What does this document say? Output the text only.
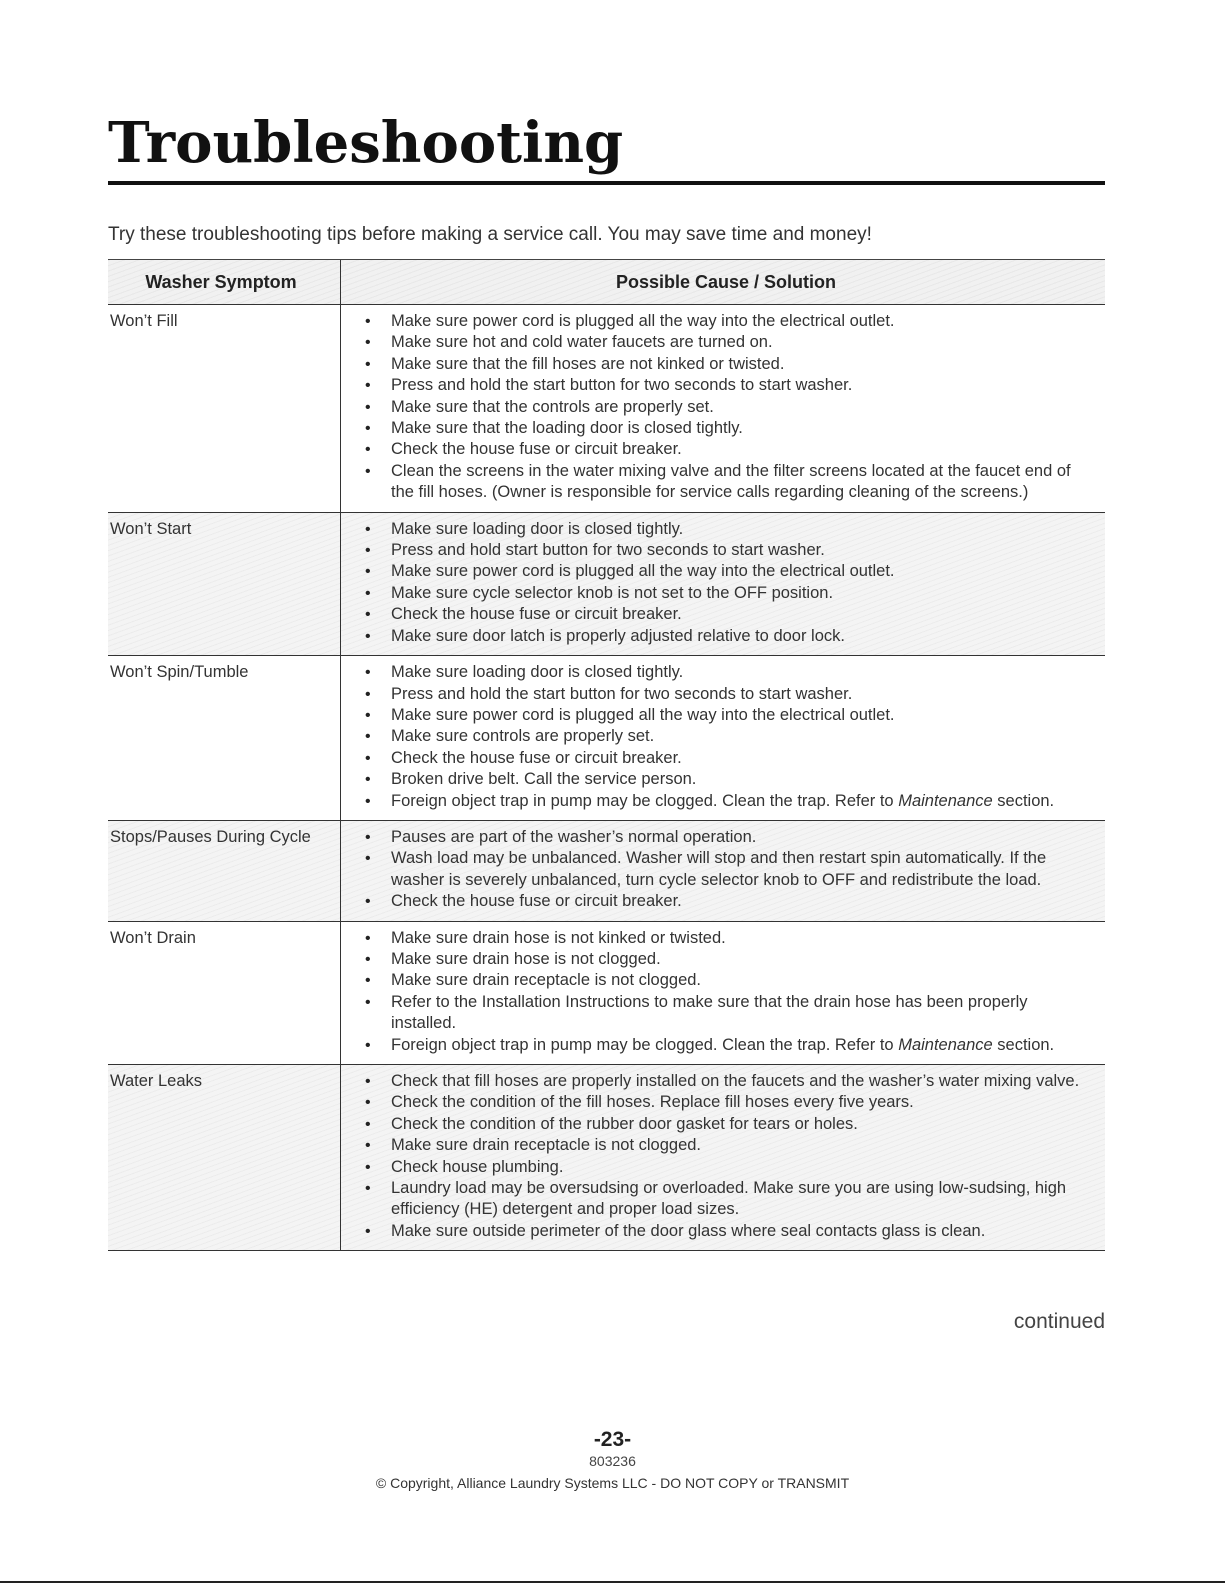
Troubleshooting
Try these troubleshooting tips before making a service call. You may save time and money!
Washer Symptom	Possible Cause / Solution
Won’t Fill	• Make sure power cord is plugged all the way into the electrical outlet.
• Make sure hot and cold water faucets are turned on.
• Make sure that the fill hoses are not kinked or twisted.
• Press and hold the start button for two seconds to start washer.
• Make sure that the controls are properly set.
• Make sure that the loading door is closed tightly.
• Check the house fuse or circuit breaker.
• Clean the screens in the water mixing valve and the filter screens located at the faucet end of the fill hoses. (Owner is responsible for service calls regarding cleaning of the screens.)
Won’t Start	• Make sure loading door is closed tightly.
• Press and hold start button for two seconds to start washer.
• Make sure power cord is plugged all the way into the electrical outlet.
• Make sure cycle selector knob is not set to the OFF position.
• Check the house fuse or circuit breaker.
• Make sure door latch is properly adjusted relative to door lock.
Won’t Spin/Tumble	• Make sure loading door is closed tightly.
• Press and hold the start button for two seconds to start washer.
• Make sure power cord is plugged all the way into the electrical outlet.
• Make sure controls are properly set.
• Check the house fuse or circuit breaker.
• Broken drive belt. Call the service person.
• Foreign object trap in pump may be clogged. Clean the trap. Refer to Maintenance section.
Stops/Pauses During Cycle	• Pauses are part of the washer’s normal operation.
• Wash load may be unbalanced. Washer will stop and then restart spin automatically. If the washer is severely unbalanced, turn cycle selector knob to OFF and redistribute the load.
• Check the house fuse or circuit breaker.
Won’t Drain	• Make sure drain hose is not kinked or twisted.
• Make sure drain hose is not clogged.
• Make sure drain receptacle is not clogged.
• Refer to the Installation Instructions to make sure that the drain hose has been properly installed.
• Foreign object trap in pump may be clogged. Clean the trap. Refer to Maintenance section.
Water Leaks	• Check that fill hoses are properly installed on the faucets and the washer’s water mixing valve.
• Check the condition of the fill hoses. Replace fill hoses every five years.
• Check the condition of the rubber door gasket for tears or holes.
• Make sure drain receptacle is not clogged.
• Check house plumbing.
• Laundry load may be oversudsing or overloaded. Make sure you are using low-sudsing, high efficiency (HE) detergent and proper load sizes.
• Make sure outside perimeter of the door glass where seal contacts glass is clean.
continued
-23-
803236
© Copyright, Alliance Laundry Systems LLC - DO NOT COPY or TRANSMIT
